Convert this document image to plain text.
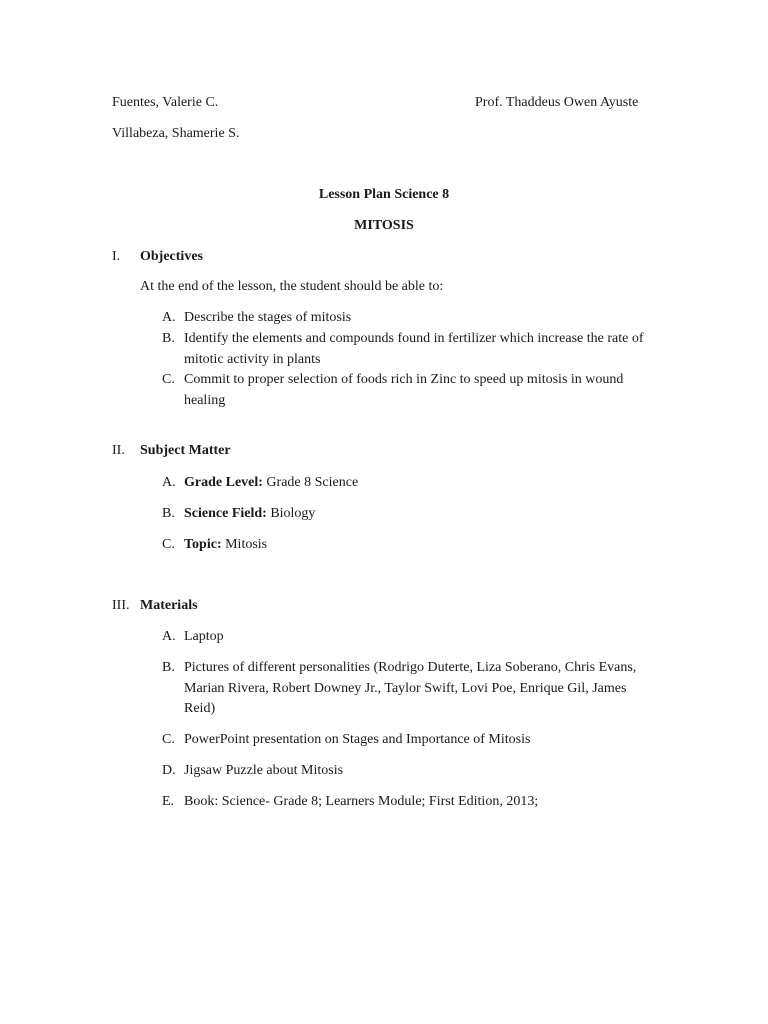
Fuentes, Valerie C.	Prof. Thaddeus Owen Ayuste
Villabeza, Shamerie S.
Lesson Plan Science 8
MITOSIS
I. Objectives
At the end of the lesson, the student should be able to:
A. Describe the stages of mitosis
B. Identify the elements and compounds found in fertilizer which increase the rate of mitotic activity in plants
C. Commit to proper selection of foods rich in Zinc to speed up mitosis in wound healing
II. Subject Matter
A. Grade Level: Grade 8 Science
B. Science Field: Biology
C. Topic: Mitosis
III. Materials
A. Laptop
B. Pictures of different personalities (Rodrigo Duterte, Liza Soberano, Chris Evans, Marian Rivera, Robert Downey Jr., Taylor Swift, Lovi Poe, Enrique Gil, James Reid)
C. PowerPoint presentation on Stages and Importance of Mitosis
D. Jigsaw Puzzle about Mitosis
E. Book: Science- Grade 8; Learners Module; First Edition, 2013;
